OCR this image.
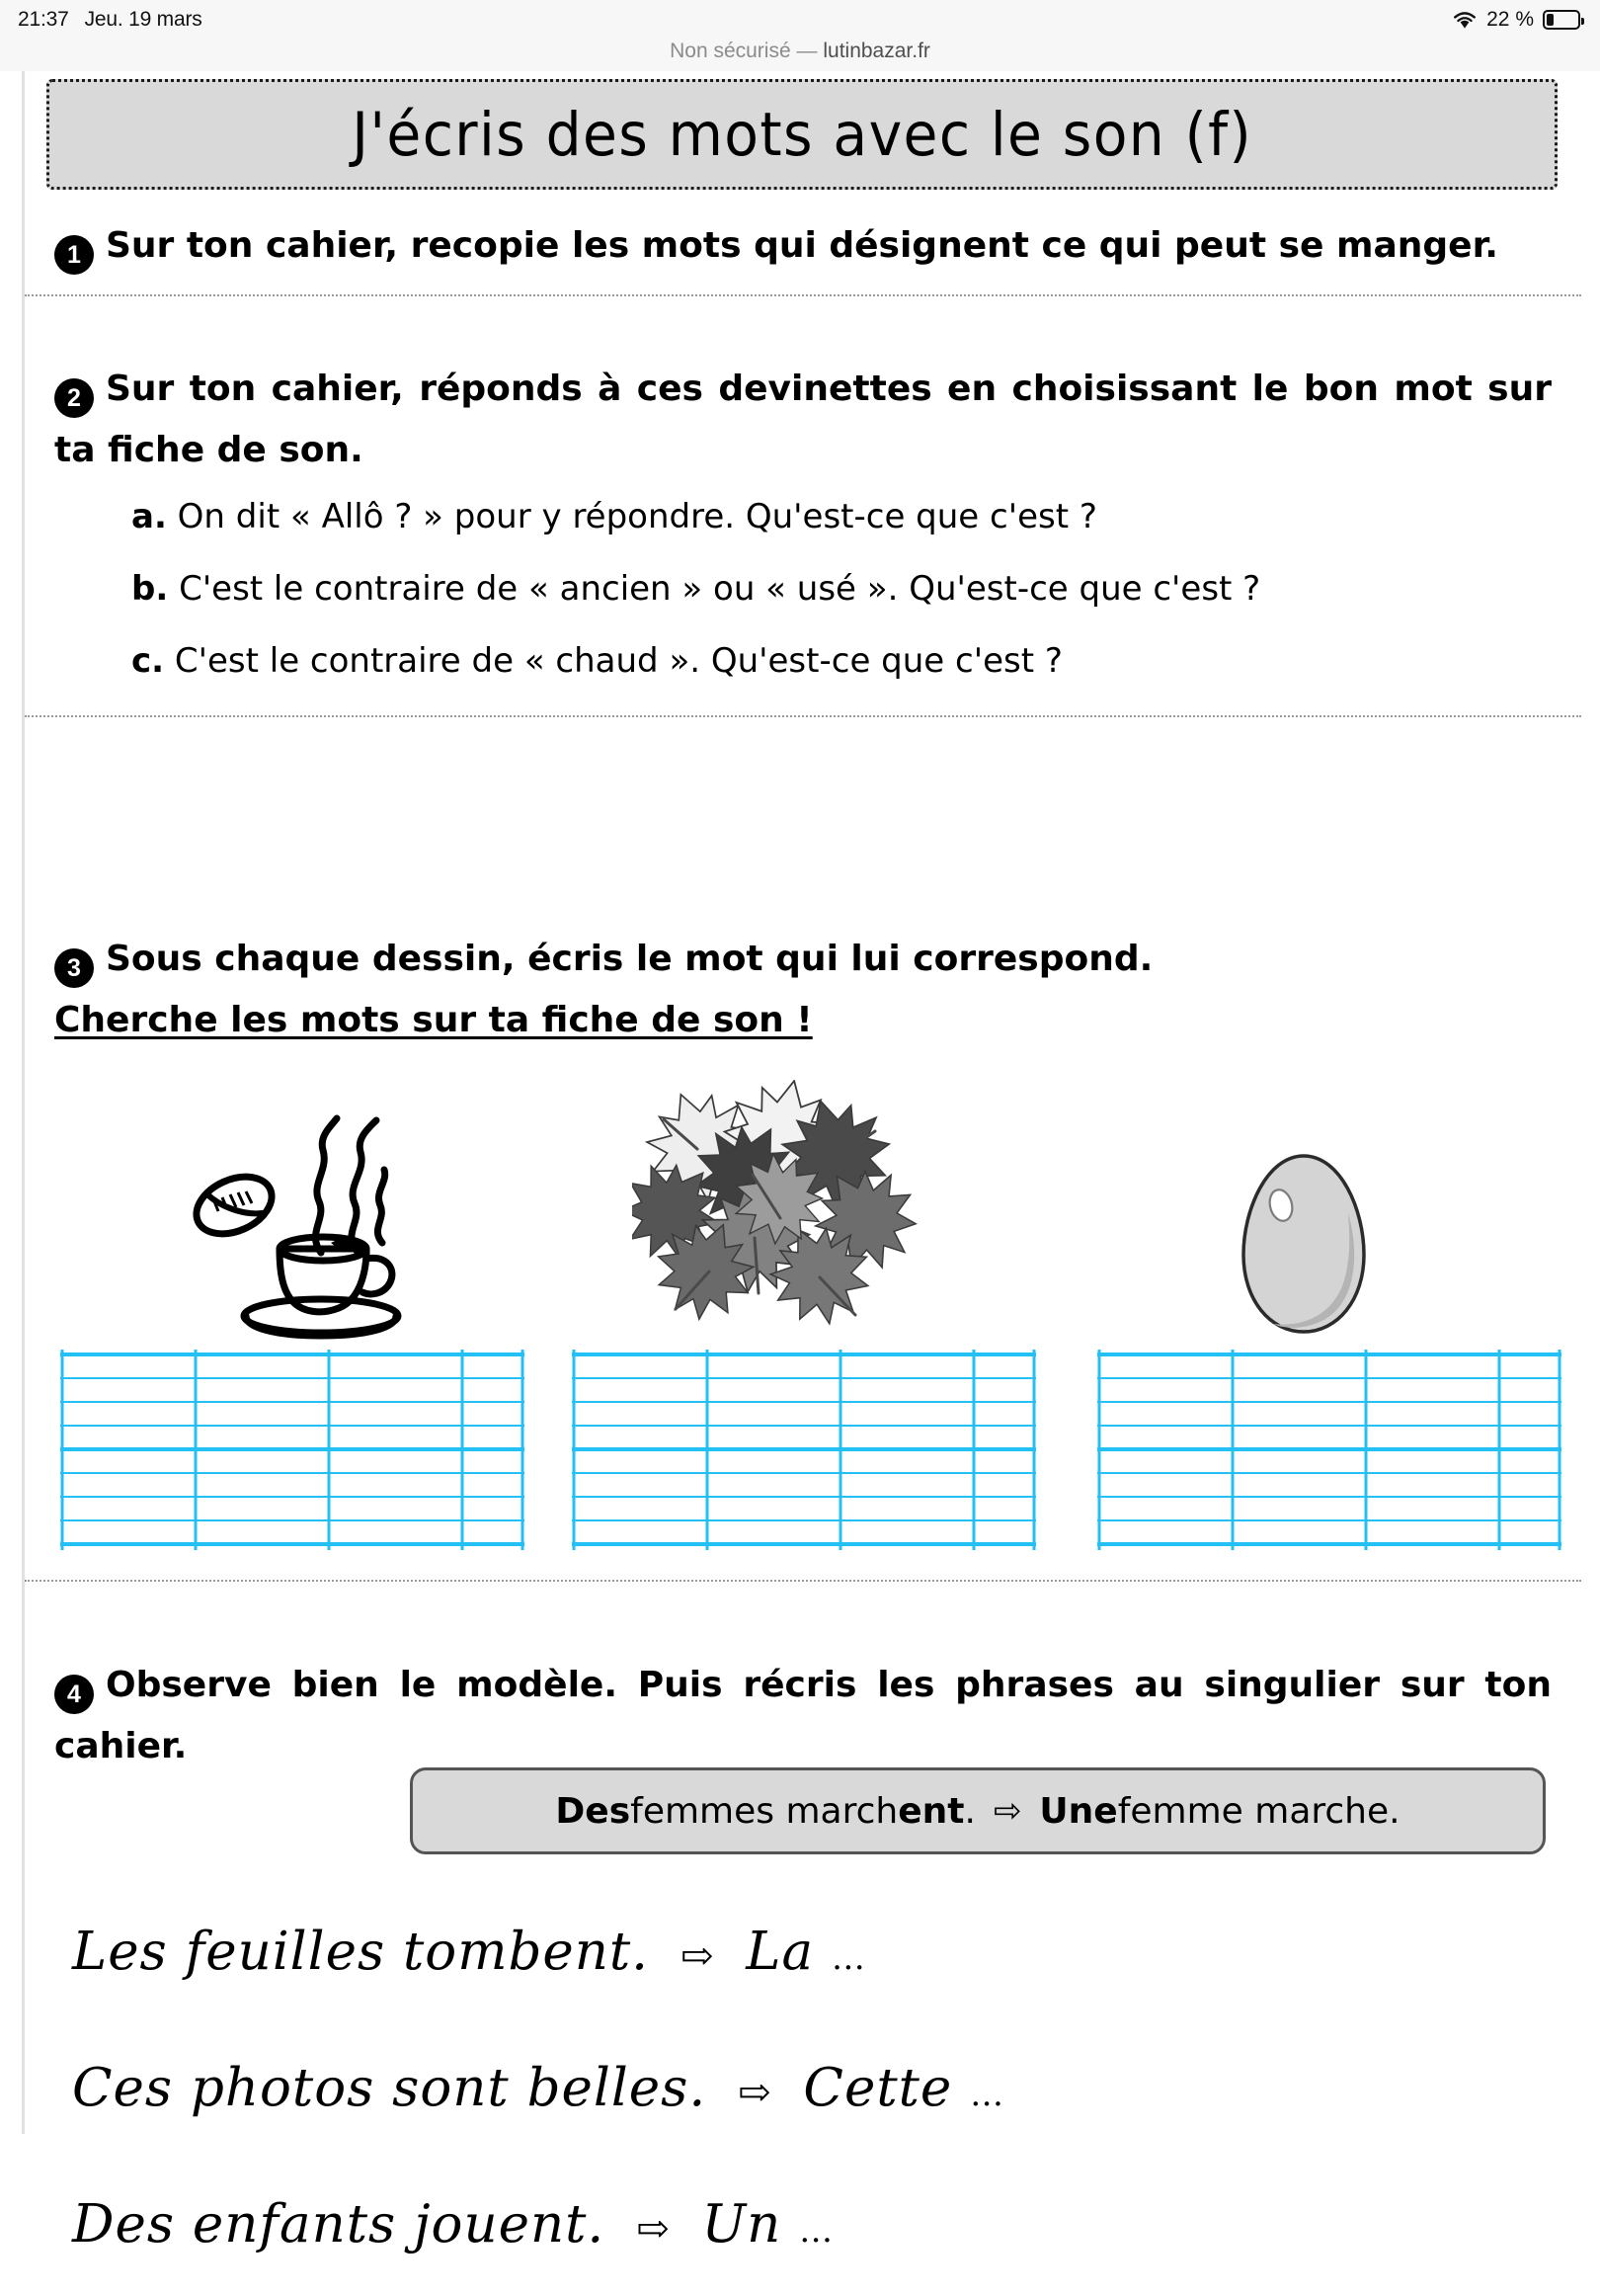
21:37 Jeu. 19 mars	22 %
Non sécurisé — lutinbazar.fr
J'écris des mots avec le son (f)
1 Sur ton cahier, recopie les mots qui désignent ce qui peut se manger.
2 Sur ton cahier, réponds à ces devinettes en choisissant le bon mot sur ta fiche de son.
a. On dit « Allô ? » pour y répondre. Qu'est-ce que c'est ?
b. C'est le contraire de « ancien » ou « usé ». Qu'est-ce que c'est ?
c. C'est le contraire de « chaud ». Qu'est-ce que c'est ?
3 Sous chaque dessin, écris le mot qui lui correspond.
Cherche les mots sur ta fiche de son !
4 Observe bien le modèle. Puis récris les phrases au singulier sur ton cahier.
Des femmes march ent . ⇨ Une femme marche.
Les feuilles tombent. ⇨ La …
Ces photos sont belles. ⇨ Cette …
Des enfants jouent. ⇨ Un …
